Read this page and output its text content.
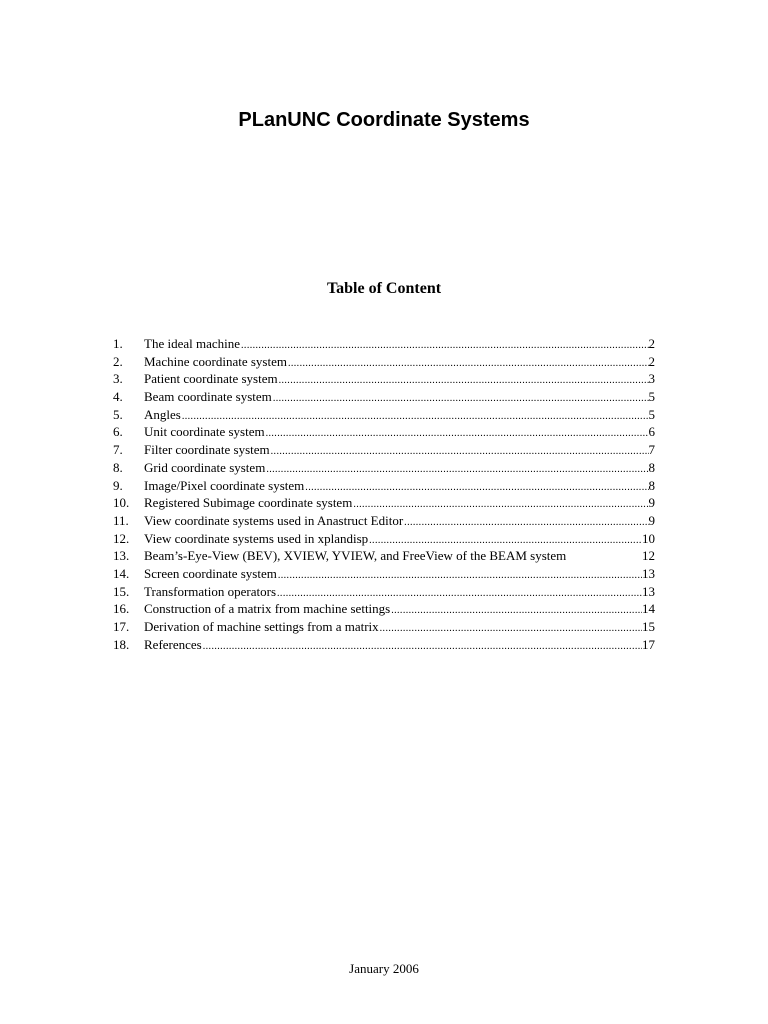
PLanUNC Coordinate Systems
Table of Content
1.	The ideal machine .....	2
2.	Machine coordinate system .....	2
3.	Patient coordinate system .....	3
4.	Beam coordinate system .....	5
5.	Angles .....	5
6.	Unit coordinate system .....	6
7.	Filter coordinate system .....	7
8.	Grid coordinate system .....	8
9.	Image/Pixel coordinate system .....	8
10.	Registered Subimage coordinate system .....	9
11.	View coordinate systems used in Anastruct Editor .....	9
12.	View coordinate systems used in xplandisp .....	10
13.	Beam’s-Eye-View (BEV), XVIEW, YVIEW, and FreeView of the BEAM system	12
14.	Screen coordinate system .....	13
15.	Transformation operators .....	13
16.	Construction of a matrix from machine settings .....	14
17.	Derivation of machine settings from a matrix .....	15
18.	References .....	17

January 2006
